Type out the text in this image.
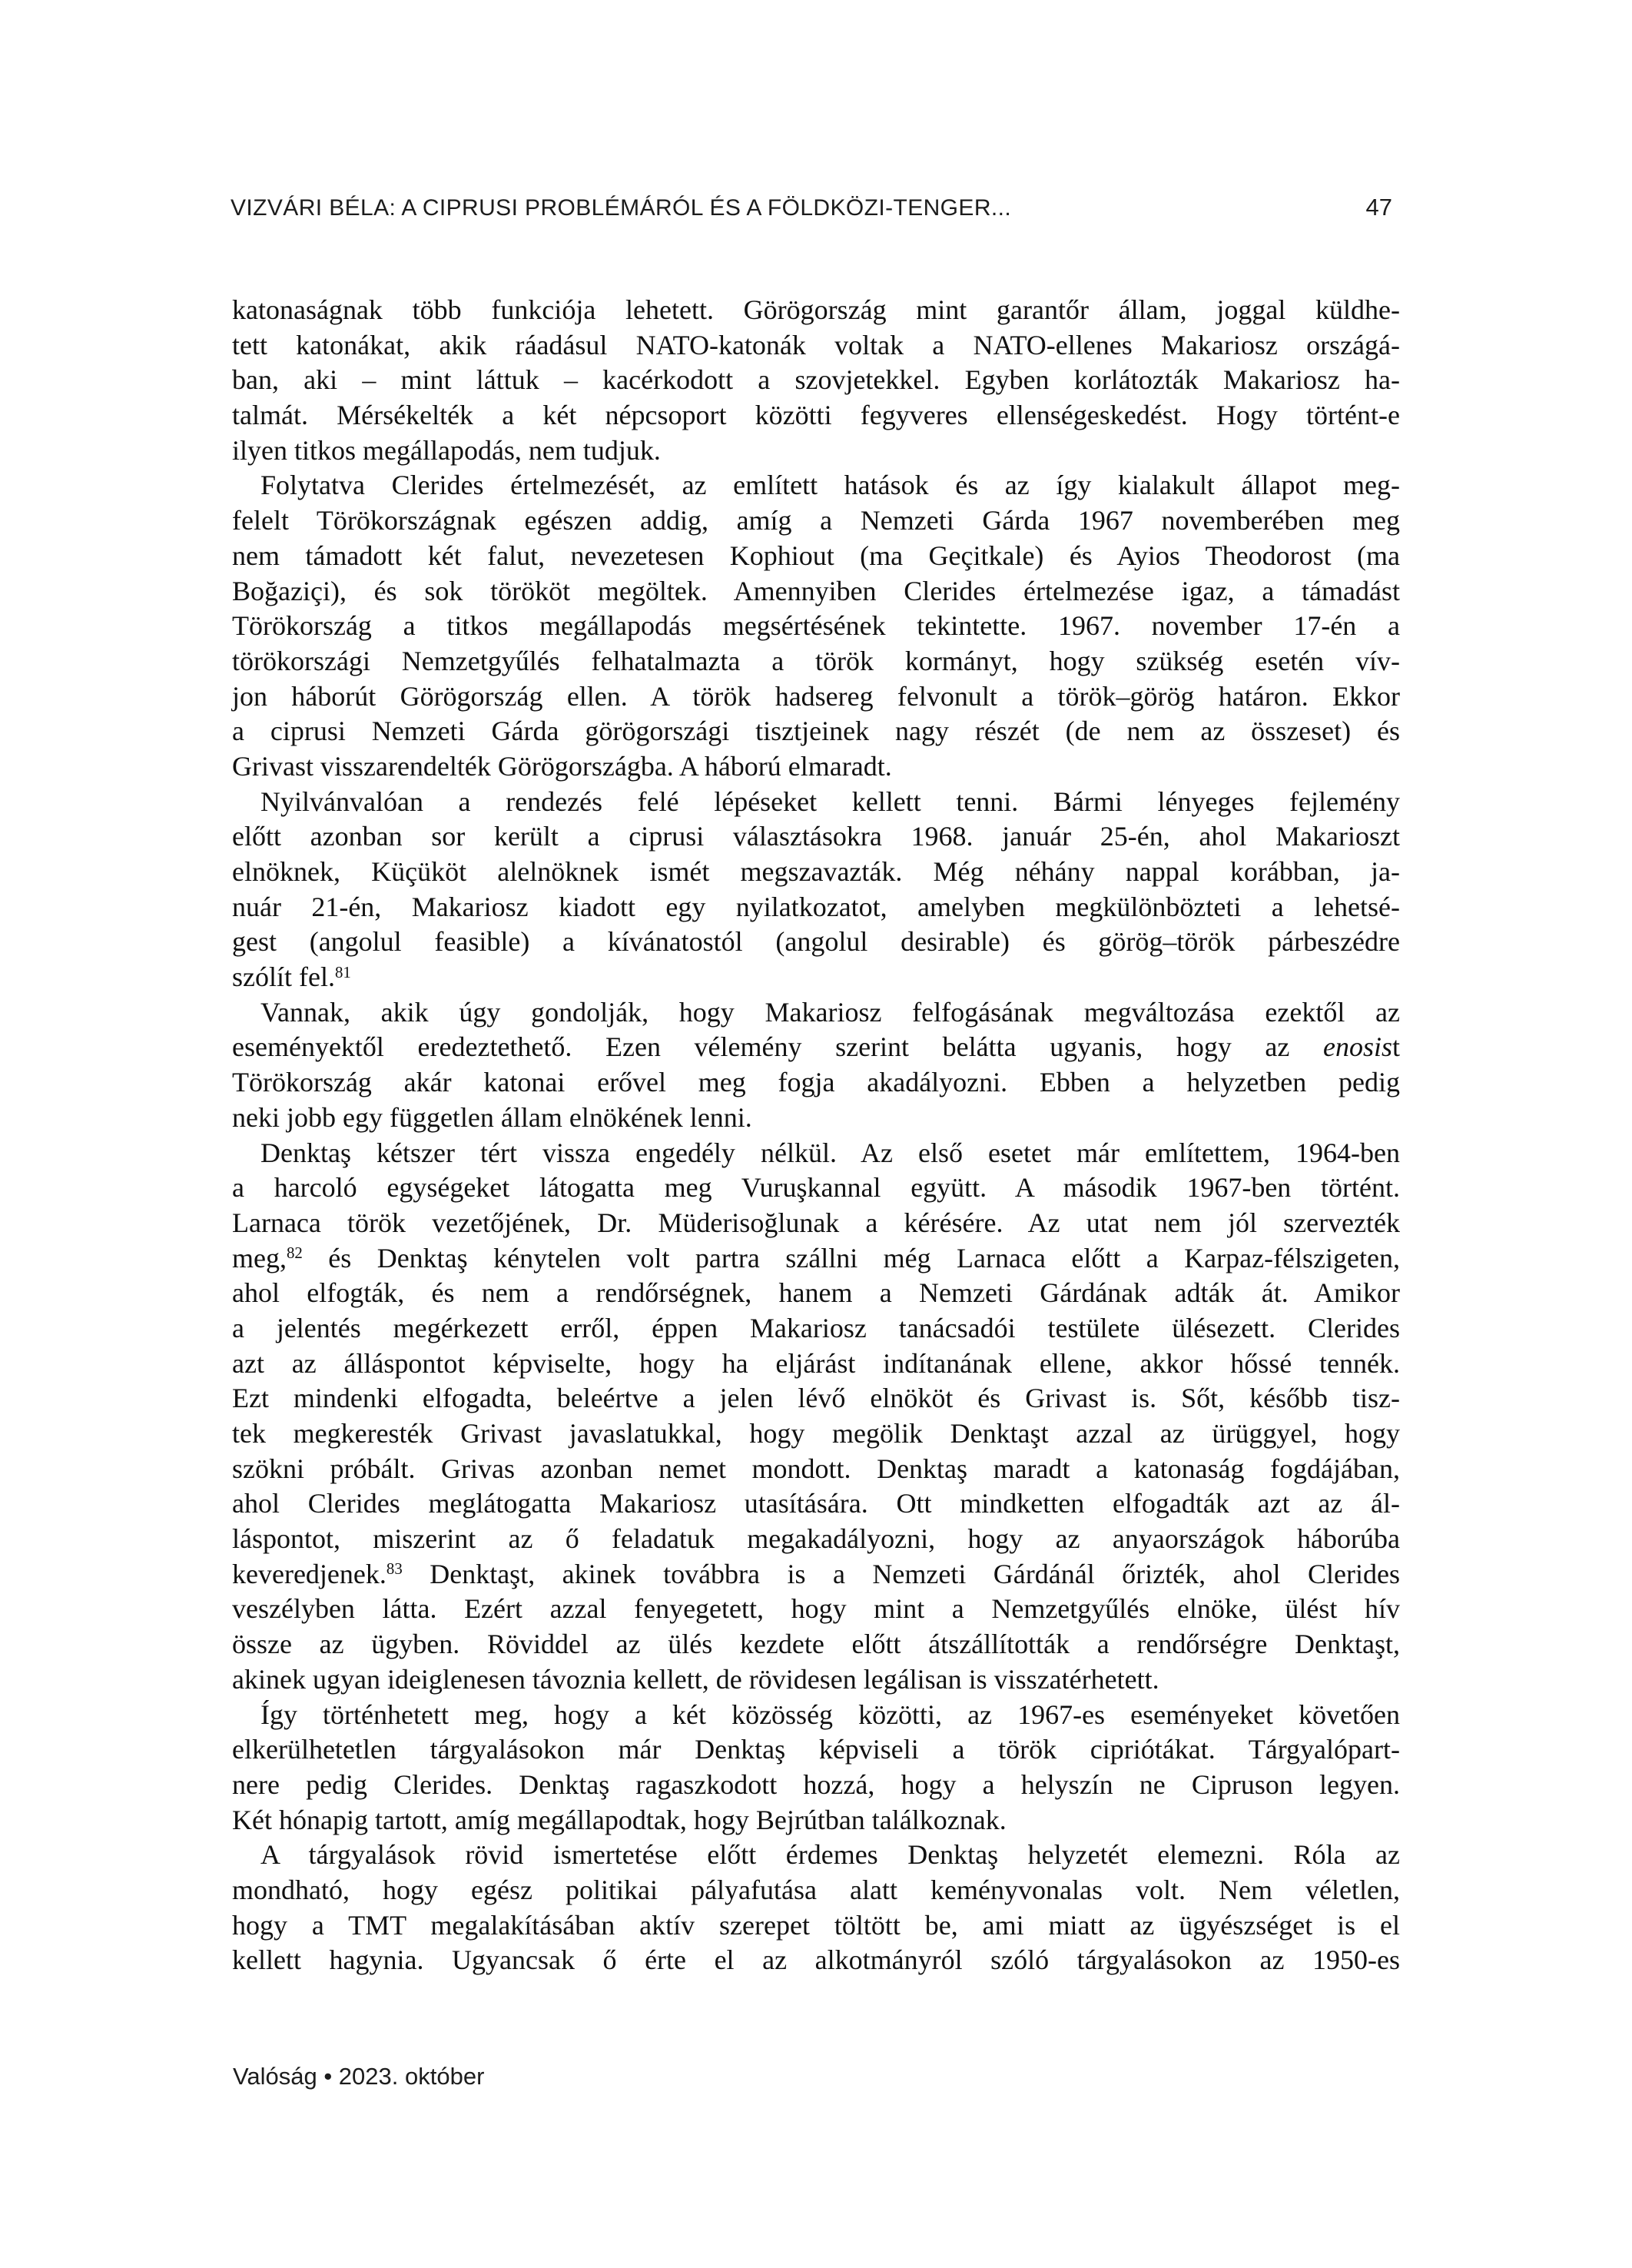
VIZVÁRI BÉLA: A CIPRUSI PROBLÉMÁRÓL ÉS A FÖLDKÖZI-TENGER...	47
katonaságnak több funkciója lehetett. Görögország mint garantőr állam, joggal küldhe-
tett katonákat, akik ráadásul NATO-katonák voltak a NATO-ellenes Makariosz országá-
ban, aki – mint láttuk – kacérkodott a szovjetekkel. Egyben korlátozták Makariosz ha-
talmát. Mérsékelték a két népcsoport közötti fegyveres ellenségeskedést. Hogy történt-e
ilyen titkos megállapodás, nem tudjuk.
Folytatva Clerides értelmezését, az említett hatások és az így kialakult állapot meg-
felelt Törökországnak egészen addig, amíg a Nemzeti Gárda 1967 novemberében meg
nem támadott két falut, nevezetesen Kophiout (ma Geçitkale) és Ayios Theodorost (ma
Boğaziçi), és sok törököt megöltek. Amennyiben Clerides értelmezése igaz, a támadást
Törökország a titkos megállapodás megsértésének tekintette. 1967. november 17-én a
törökországi Nemzetgyűlés felhatalmazta a török kormányt, hogy szükség esetén vív-
jon háborút Görögország ellen. A török hadsereg felvonult a török–görög határon. Ekkor
a ciprusi Nemzeti Gárda görögországi tisztjeinek nagy részét (de nem az összeset) és
Grivast visszarendelték Görögországba. A háború elmaradt.
Nyilvánvalóan a rendezés felé lépéseket kellett tenni. Bármi lényeges fejlemény
előtt azonban sor került a ciprusi választásokra 1968. január 25-én, ahol Makarioszt
elnöknek, Küçüköt alelnöknek ismét megszavazták. Még néhány nappal korábban, ja-
nuár 21-én, Makariosz kiadott egy nyilatkozatot, amelyben megkülönbözteti a lehetsé-
gest (angolul feasible) a kívánatostól (angolul desirable) és görög–török párbeszédre
szólít fel.$^{81}$
Vannak, akik úgy gondolják, hogy Makariosz felfogásának megváltozása ezektől az
eseményektől eredeztethető. Ezen vélemény szerint belátta ugyanis, hogy az enosist
Törökország akár katonai erővel meg fogja akadályozni. Ebben a helyzetben pedig
neki jobb egy független állam elnökének lenni.
Denktaş kétszer tért vissza engedély nélkül. Az első esetet már említettem, 1964-ben
a harcoló egységeket látogatta meg Vuruşkannal együtt. A második 1967-ben történt.
Larnaca török vezetőjének, Dr. Müderisoğlunak a kérésére. Az utat nem jól szervezték
meg,$^{82}$ és Denktaş kénytelen volt partra szállni még Larnaca előtt a Karpaz-félszigeten,
ahol elfogták, és nem a rendőrségnek, hanem a Nemzeti Gárdának adták át. Amikor
a jelentés megérkezett erről, éppen Makariosz tanácsadói testülete ülésezett. Clerides
azt az álláspontot képviselte, hogy ha eljárást indítanának ellene, akkor hőssé tennék.
Ezt mindenki elfogadta, beleértve a jelen lévő elnököt és Grivast is. Sőt, később tisz-
tek megkeresték Grivast javaslatukkal, hogy megölik Denktaşt azzal az ürüggyel, hogy
szökni próbált. Grivas azonban nemet mondott. Denktaş maradt a katonaság fogdájában,
ahol Clerides meglátogatta Makariosz utasítására. Ott mindketten elfogadták azt az ál-
láspontot, miszerint az ő feladatuk megakadályozni, hogy az anyaországok háborúba
keveredjenek.$^{83}$ Denktaşt, akinek továbbra is a Nemzeti Gárdánál őrizték, ahol Clerides
veszélyben látta. Ezért azzal fenyegetett, hogy mint a Nemzetgyűlés elnöke, ülést hív
össze az ügyben. Röviddel az ülés kezdete előtt átszállították a rendőrségre Denktaşt,
akinek ugyan ideiglenesen távoznia kellett, de rövidesen legálisan is visszatérhetett.
Így történhetett meg, hogy a két közösség közötti, az 1967-es eseményeket követően
elkerülhetetlen tárgyalásokon már Denktaş képviseli a török cipriótákat. Tárgyalópart-
nere pedig Clerides. Denktaş ragaszkodott hozzá, hogy a helyszín ne Cipruson legyen.
Két hónapig tartott, amíg megállapodtak, hogy Bejrútban találkoznak.
A tárgyalások rövid ismertetése előtt érdemes Denktaş helyzetét elemezni. Róla az
mondható, hogy egész politikai pályafutása alatt keményvonalas volt. Nem véletlen,
hogy a TMT megalakításában aktív szerepet töltött be, ami miatt az ügyészséget is el
kellett hagynia. Ugyancsak ő érte el az alkotmányról szóló tárgyalásokon az 1950-es
Valóság • 2023. október
